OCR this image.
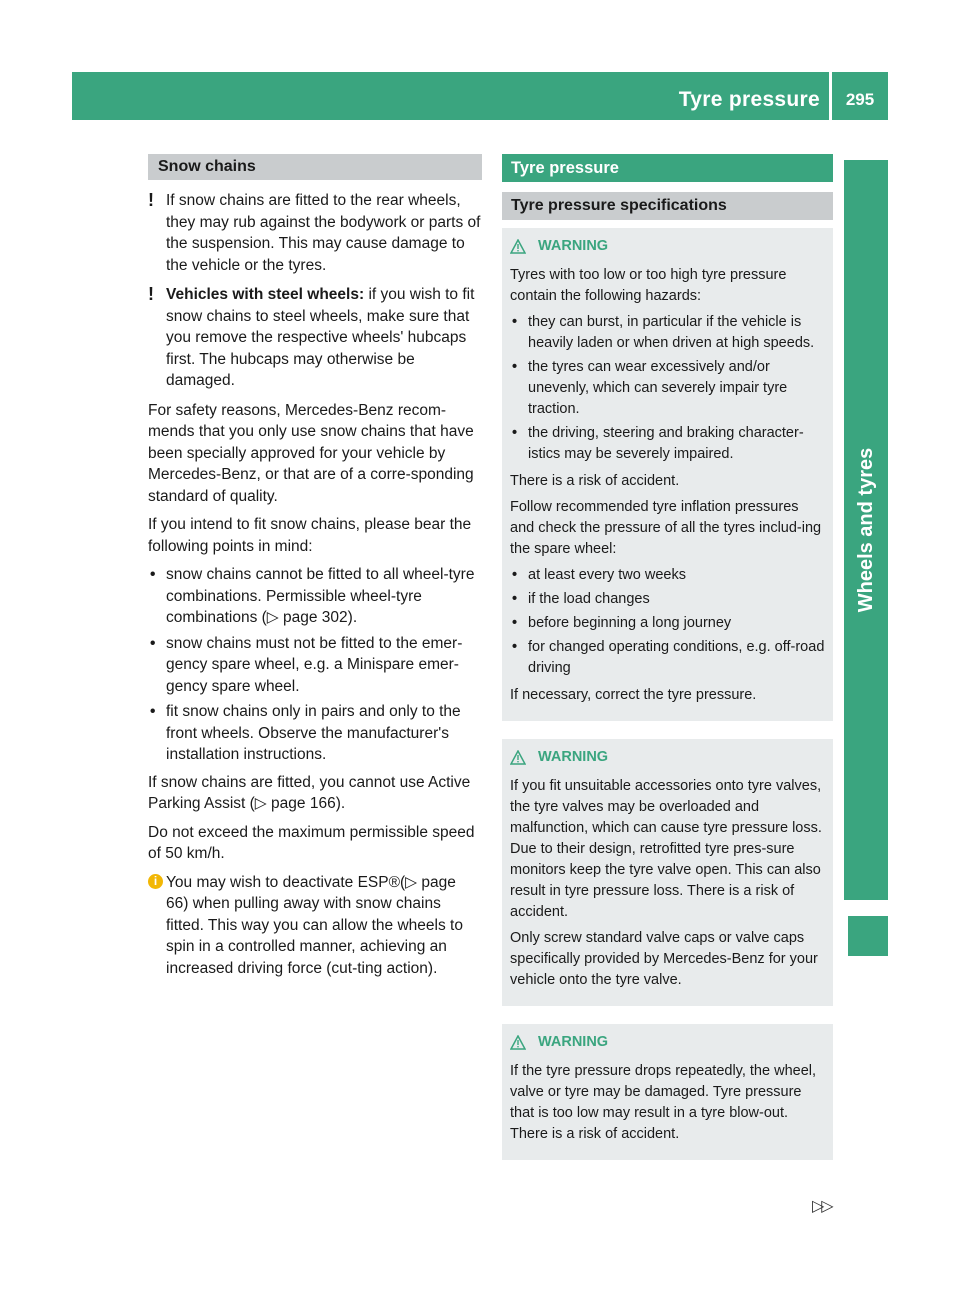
Tyre pressure	295
Wheels and tyres
Snow chains
! If snow chains are fitted to the rear wheels, they may rub against the bodywork or parts of the suspension. This may cause damage to the vehicle or the tyres.
! Vehicles with steel wheels: if you wish to fit snow chains to steel wheels, make sure that you remove the respective wheels' hubcaps first. The hubcaps may otherwise be damaged.

For safety reasons, Mercedes-Benz recom-mends that you only use snow chains that have been specially approved for your vehicle by Mercedes-Benz, or that are of a corre-sponding standard of quality.

If you intend to fit snow chains, please bear the following points in mind:

• snow chains cannot be fitted to all wheel-tyre combinations. Permissible wheel-tyre combinations (▷ page 302).
• snow chains must not be fitted to the emer-gency spare wheel, e.g. a Minispare emer-gency spare wheel.
• fit snow chains only in pairs and only to the front wheels. Observe the manufacturer's installation instructions.

If snow chains are fitted, you cannot use Active Parking Assist (▷ page 166).

Do not exceed the maximum permissible speed of 50 km/h.

i You may wish to deactivate ESP®(▷ page 66) when pulling away with snow chains fitted. This way you can allow the wheels to spin in a controlled manner, achieving an increased driving force (cut-ting action).
Tyre pressure
Tyre pressure specifications
WARNING

Tyres with too low or too high tyre pressure contain the following hazards:

• they can burst, in particular if the vehicle is heavily laden or when driven at high speeds.
• the tyres can wear excessively and/or unevenly, which can severely impair tyre traction.
• the driving, steering and braking character-istics may be severely impaired.

There is a risk of accident.

Follow recommended tyre inflation pressures and check the pressure of all the tyres includ-ing the spare wheel:

• at least every two weeks
• if the load changes
• before beginning a long journey
• for changed operating conditions, e.g. off-road driving

If necessary, correct the tyre pressure.

WARNING

If you fit unsuitable accessories onto tyre valves, the tyre valves may be overloaded and malfunction, which can cause tyre pressure loss. Due to their design, retrofitted tyre pres-sure monitors keep the tyre valve open. This can also result in tyre pressure loss. There is a risk of accident.

Only screw standard valve caps or valve caps specifically provided by Mercedes-Benz for your vehicle onto the tyre valve.

WARNING

If the tyre pressure drops repeatedly, the wheel, valve or tyre may be damaged. Tyre pressure that is too low may result in a tyre blow-out. There is a risk of accident.

▷▷
